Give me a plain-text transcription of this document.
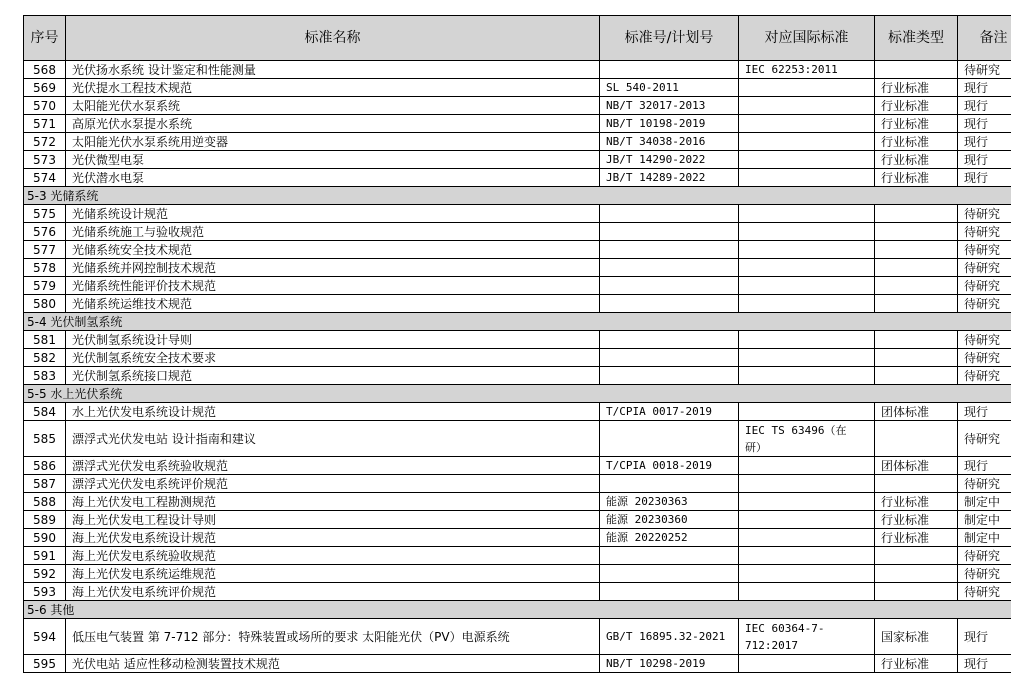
序号	标准名称	标准号/计划号	对应国际标准	标准类型	备注
568	光伏扬水系统 设计鉴定和性能测量		IEC 62253:2011		待研究
569	光伏提水工程技术规范	SL 540-2011		行业标准	现行
570	太阳能光伏水泵系统	NB/T 32017-2013		行业标准	现行
571	高原光伏水泵提水系统	NB/T 10198-2019		行业标准	现行
572	太阳能光伏水泵系统用逆变器	NB/T 34038-2016		行业标准	现行
573	光伏微型电泵	JB/T 14290-2022		行业标准	现行
574	光伏潜水电泵	JB/T 14289-2022		行业标准	现行
5-3 光储系统					
575	光储系统设计规范				待研究
576	光储系统施工与验收规范				待研究
577	光储系统安全技术规范				待研究
578	光储系统并网控制技术规范				待研究
579	光储系统性能评价技术规范				待研究
580	光储系统运维技术规范				待研究
5-4 光伏制氢系统					
581	光伏制氢系统设计导则				待研究
582	光伏制氢系统安全技术要求				待研究
583	光伏制氢系统接口规范				待研究
5-5 水上光伏系统					
584	水上光伏发电系统设计规范	T/CPIA 0017-2019		团体标准	现行
585	漂浮式光伏发电站 设计指南和建议		IEC TS 63496（在研）		待研究
586	漂浮式光伏发电系统验收规范	T/CPIA 0018-2019		团体标准	现行
587	漂浮式光伏发电系统评价规范				待研究
588	海上光伏发电工程勘测规范	能源 20230363		行业标准	制定中
589	海上光伏发电工程设计导则	能源 20230360		行业标准	制定中
590	海上光伏发电系统设计规范	能源 20220252		行业标准	制定中
591	海上光伏发电系统验收规范				待研究
592	海上光伏发电系统运维规范				待研究
593	海上光伏发电系统评价规范				待研究
5-6 其他					
594	低压电气装置 第 7-712 部分：特殊装置或场所的要求 太阳能光伏（PV）电源系统	GB/T 16895.32-2021	IEC 60364-7-712:2017	国家标准	现行
595	光伏电站 适应性移动检测装置技术规范	NB/T 10298-2019		行业标准	现行
